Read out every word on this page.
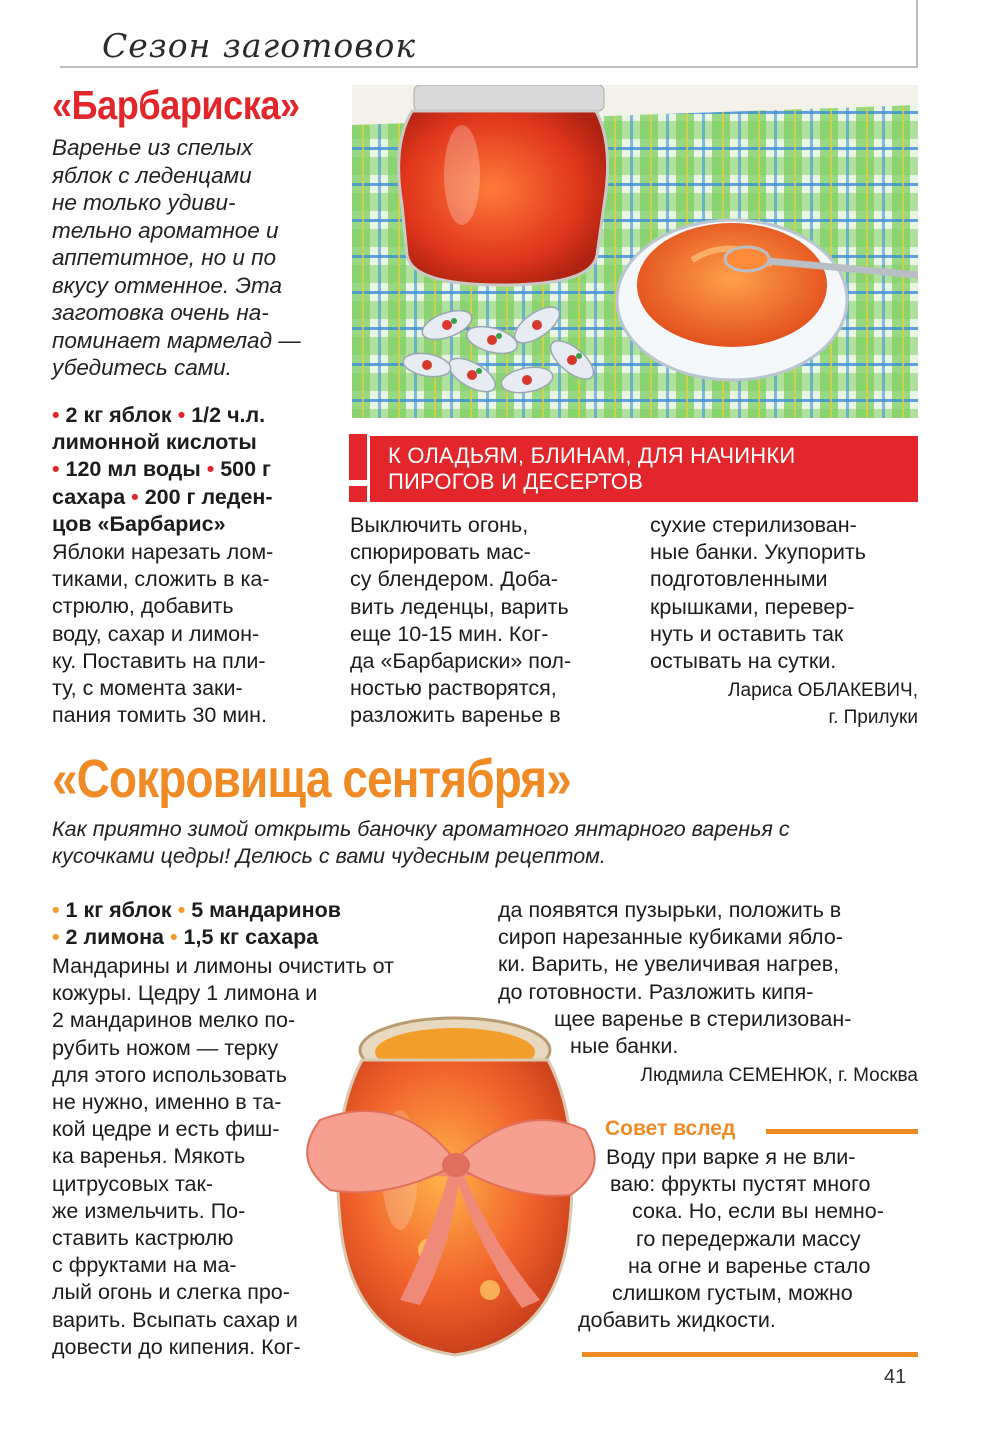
Сезон заготовок
«Барбариска»
Варенье из спелых
яблок с леденцами
не только удиви-
тельно ароматное и
аппетитное, но и по
вкусу отменное. Эта
заготовка очень на-
поминает мармелад —
убедитесь сами.
• 2 кг яблок • 1/2 ч.л.
лимонной кислоты
• 120 мл воды • 500 г
сахара • 200 г леден-
цов «Барбарис»
Яблоки нарезать лом-
тиками, сложить в ка-
стрюлю, добавить
воду, сахар и лимон-
ку. Поставить на пли-
ту, с момента заки-
пания томить 30 мин.
К ОЛАДЬЯМ, БЛИНАМ, ДЛЯ НАЧИНКИ
ПИРОГОВ И ДЕСЕРТОВ
Выключить огонь,
спюрировать мас-
су блендером. Доба-
вить леденцы, варить
еще 10-15 мин. Ког-
да «Барбариски» пол-
ностью растворятся,
разложить варенье в
сухие стерилизован-
ные банки. Укупорить
подготовленными
крышками, перевер-
нуть и оставить так
остывать на сутки.
Лариса ОБЛАКЕВИЧ,
г. Прилуки
«Сокровища сентября»
Как приятно зимой открыть баночку ароматного янтарного варенья с
кусочками цедры! Делюсь с вами чудесным рецептом.
• 1 кг яблок • 5 мандаринов
• 2 лимона • 1,5 кг сахара
Мандарины и лимоны очистить от
кожуры. Цедру 1 лимона и
2 мандаринов мелко по-
рубить ножом — терку
для этого использовать
не нужно, именно в та-
кой цедре и есть фиш-
ка варенья. Мякоть
цитрусовых так-
же измельчить. По-
ставить кастрюлю
с фруктами на ма-
лый огонь и слегка про-
варить. Всыпать сахар и
довести до кипения. Ког-
да появятся пузырьки, положить в
сироп нарезанные кубиками ябло-
ки. Варить, не увеличивая нагрев,
до готовности. Разложить кипя-
щее варенье в стерилизован-
ные банки.
Людмила СЕМЕНЮК, г. Москва
Совет вслед
Воду при варке я не вли-
ваю: фрукты пустят много
сока. Но, если вы немно-
го передержали массу
на огне и варенье стало
слишком густым, можно
добавить жидкости.
41
